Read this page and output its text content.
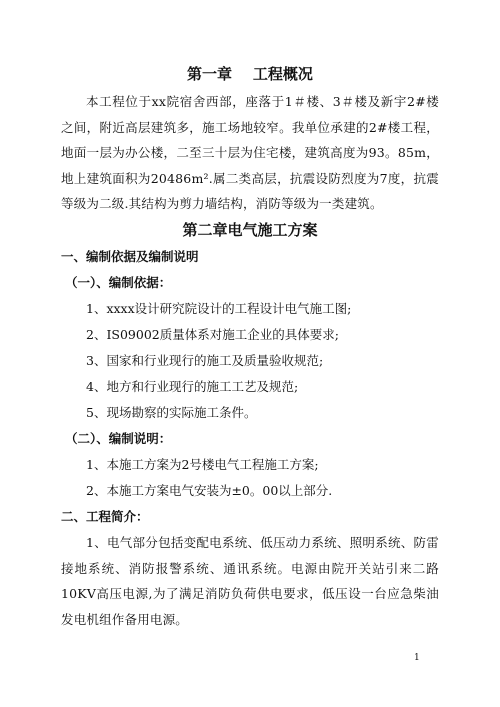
第一章    工程概况

本工程位于xx院宿舍西部，座落于1＃楼、3＃楼及新宇2#楼之间，附近高层建筑多，施工场地较窄。我单位承建的2#楼工程，地面一层为办公楼，二至三十层为住宅楼，建筑高度为93。85m，地上建筑面积为20486m².属二类高层，抗震设防烈度为7度，抗震等级为二级.其结构为剪力墙结构，消防等级为一类建筑。

第二章电气施工方案
一、编制依据及编制说明
（一）、编制依据：
1、xxxx设计研究院设计的工程设计电气施工图;
2、IS09002质量体系对施工企业的具体要求;
3、国家和行业现行的施工及质量验收规范;
4、地方和行业现行的施工工艺及规范;
5、现场勘察的实际施工条件。
（二）、编制说明：
1、本施工方案为2号楼电气工程施工方案;
2、本施工方案电气安装为±0。00以上部分.
二、工程简介：

1、电气部分包括变配电系统、低压动力系统、照明系统、防雷接地系统、消防报警系统、通讯系统。电源由院开关站引来二路10KV高压电源,为了满足消防负荷供电要求，低压设一台应急柴油发电机组作备用电源。

1
